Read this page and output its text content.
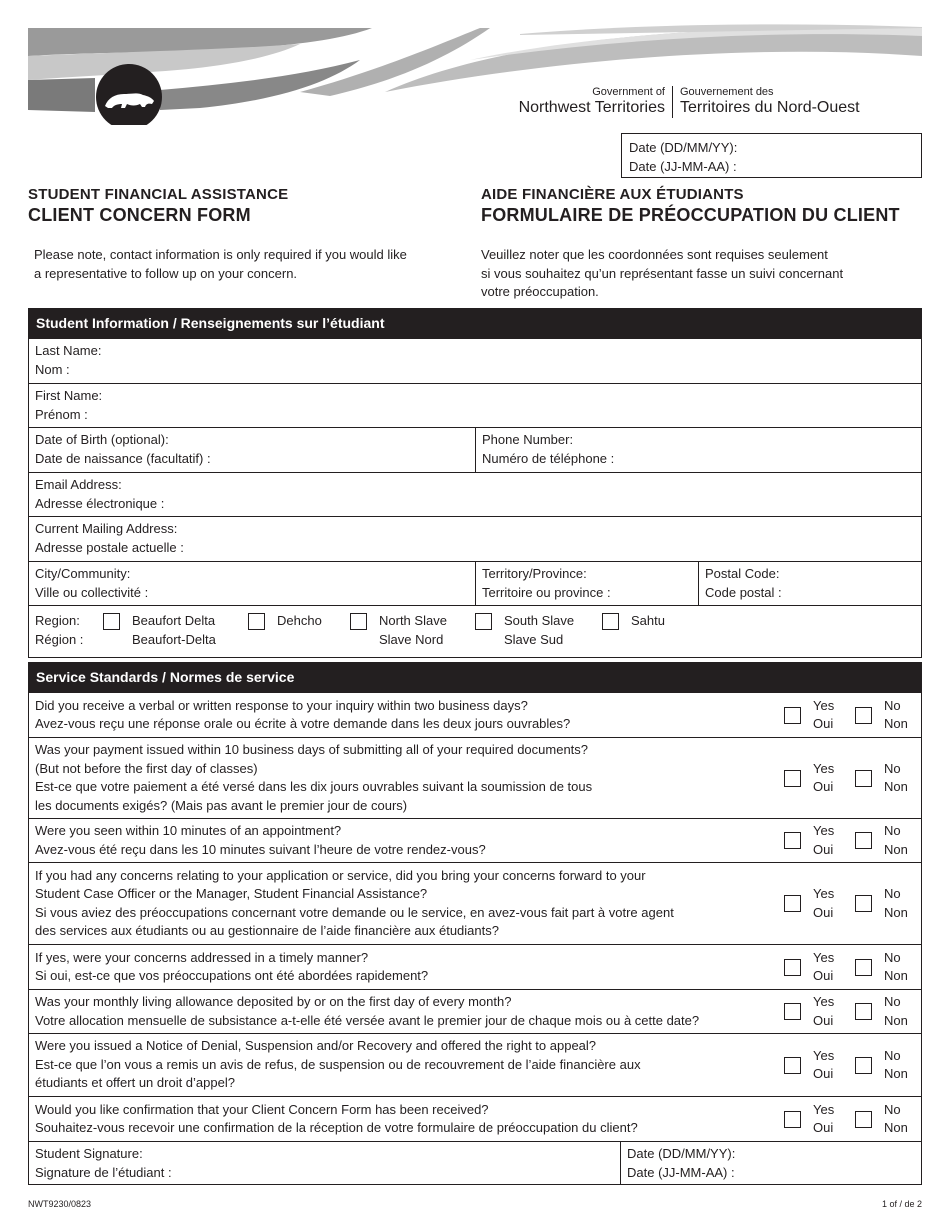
Government of
Northwest Territories
Gouvernement des
Territoires du Nord-Ouest
Date (DD/MM/YY):
Date (JJ-MM-AA) :
STUDENT FINANCIAL ASSISTANCE
CLIENT CONCERN FORM
AIDE FINANCIÈRE AUX ÉTUDIANTS
FORMULAIRE DE PRÉOCCUPATION DU CLIENT
Please note, contact information is only required if you would like
a representative to follow up on your concern.
Veuillez noter que les coordonnées sont requises seulement
si vous souhaitez qu’un représentant fasse un suivi concernant
votre préoccupation.
Student Information / Renseignements sur l’étudiant
Last Name:
Nom :
First Name:
Prénom :
Date of Birth (optional):
Date de naissance (facultatif) :
Phone Number:
Numéro de téléphone :
Email Address:
Adresse électronique :
Current Mailing Address:
Adresse postale actuelle :
City/Community:
Ville ou collectivité :
Territory/Province:
Territoire ou province :
Postal Code:
Code postal :
Region:
Région :
Beaufort Delta
Beaufort-Delta
Dehcho	North Slave
Slave Nord
South Slave
Slave Sud
Sahtu
Service Standards / Normes de service
Did you receive a verbal or written response to your inquiry within two business days?
Avez-vous reçu une réponse orale ou écrite à votre demande dans les deux jours ouvrables?
Yes
Oui
No
Non
Was your payment issued within 10 business days of submitting all of your required documents?
(But not before the first day of classes)
Est-ce que votre paiement a été versé dans les dix jours ouvrables suivant la soumission de tous
les documents exigés? (Mais pas avant le premier jour de cours)
Yes
Oui
No
Non
Were you seen within 10 minutes of an appointment?
Avez-vous été reçu dans les 10 minutes suivant l’heure de votre rendez-vous?
Yes
Oui
No
Non
If you had any concerns relating to your application or service, did you bring your concerns forward to your
Student Case Officer or the Manager, Student Financial Assistance?
Si vous aviez des préoccupations concernant votre demande ou le service, en avez-vous fait part à votre agent
des services aux étudiants ou au gestionnaire de l’aide financière aux étudiants?
Yes
Oui
No
Non
If yes, were your concerns addressed in a timely manner?
Si oui, est-ce que vos préoccupations ont été abordées rapidement?
Yes
Oui
No
Non
Was your monthly living allowance deposited by or on the first day of every month?
Votre allocation mensuelle de subsistance a-t-elle été versée avant le premier jour de chaque mois ou à cette date?
Yes
Oui
No
Non
Were you issued a Notice of Denial, Suspension and/or Recovery and offered the right to appeal?
Est-ce que l’on vous a remis un avis de refus, de suspension ou de recouvrement de l’aide financière aux
étudiants et offert un droit d’appel?
Yes
Oui
No
Non
Would you like confirmation that your Client Concern Form has been received?
Souhaitez-vous recevoir une confirmation de la réception de votre formulaire de préoccupation du client?
Yes
Oui
No
Non
Student Signature:
Signature de l’étudiant :
Date (DD/MM/YY):
Date (JJ-MM-AA) :
NWT9230/0823	1 of / de 2
